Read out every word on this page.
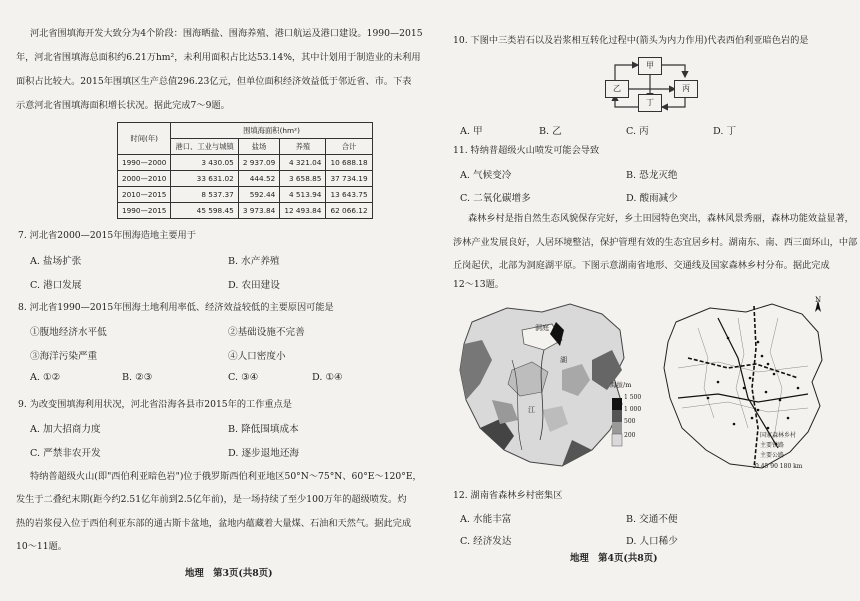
河北省围填海开发大致分为4个阶段：围海晒盐、围海养殖、港口航运及港口建设。1990—2015
年，河北省围填海总面积约6.21万hm²，未利用面积占比达53.14%，其中计划用于制造业的未利用
面积占比较大。2015年围填区生产总值296.23亿元，但单位面积经济效益低于邻近省、市。下表
示意河北省围填海面积增长状况。据此完成7～9题。
时间(年)	围填海面积(hm²)			
	港口、工业与城镇	盐场	养殖	合计
1990—2000	3 430.05	2 937.09	4 321.04	10 688.18
2000—2010	33 631.02	444.52	3 658.85	37 734.19
2010—2015	8 537.37	592.44	4 513.94	13 643.75
1990—2015	45 598.45	3 973.84	12 493.84	62 066.12
7. 河北省2000—2015年围海造地主要用于
A. 盐场扩张	B. 水产养殖
C. 港口发展	D. 农田建设
8. 河北省1990—2015年围海土地利用率低、经济效益较低的主要原因可能是
①腹地经济水平低	②基础设施不完善
③海洋污染严重	④人口密度小
A. ①②	B. ②③	C. ③④	D. ①④
9. 为改变围填海利用状况，河北省沿海各县市2015年的工作重点是
A. 加大招商力度	B. 降低围填成本
C. 严禁非农开发	D. 逐步退地还海
特纳普超级火山(即"西伯利亚暗色岩")位于俄罗斯西伯利亚地区50°N～75°N、60°E～120°E，
发生于二叠纪末期(距今约2.51亿年前到2.5亿年前)，是一场持续了至少100万年的超级喷发。灼
热的岩浆侵入位于西伯利亚东部的通古斯卡盆地，盆地内蕴藏着大量煤、石油和天然气。据此完成
10～11题。
地理　第3页(共8页)
10. 下图中三类岩石以及岩浆相互转化过程中(箭头为内力作用)代表西伯利亚暗色岩的是
甲
乙	丙
丁
A. 甲	B. 乙	C. 丙	D. 丁
11. 特纳普超级火山喷发可能会导致
A. 气候变冷	B. 恐龙灭绝
C. 二氧化碳增多	D. 酸雨减少
森林乡村是指自然生态风貌保存完好，乡土田园特色突出，森林风景秀丽，森林功能效益显著，
涉林产业发展良好，人居环境整洁，保护管理有效的生态宜居乡村。湖南东、南、西三面环山，中部
丘岗起伏，北部为洞庭湖平原。下图示意湖南省地形、交通线及国家森林乡村分布。据此完成
12～13题。
洞庭
湖
江
海拔/m
1 500
1 000
500
200
N
国家森林乡村
主要铁路
主要公路
0 45 90 180 km
12. 湖南省森林乡村密集区
A. 水能丰富	B. 交通不便
C. 经济发达	D. 人口稀少
地理　第4页(共8页)
